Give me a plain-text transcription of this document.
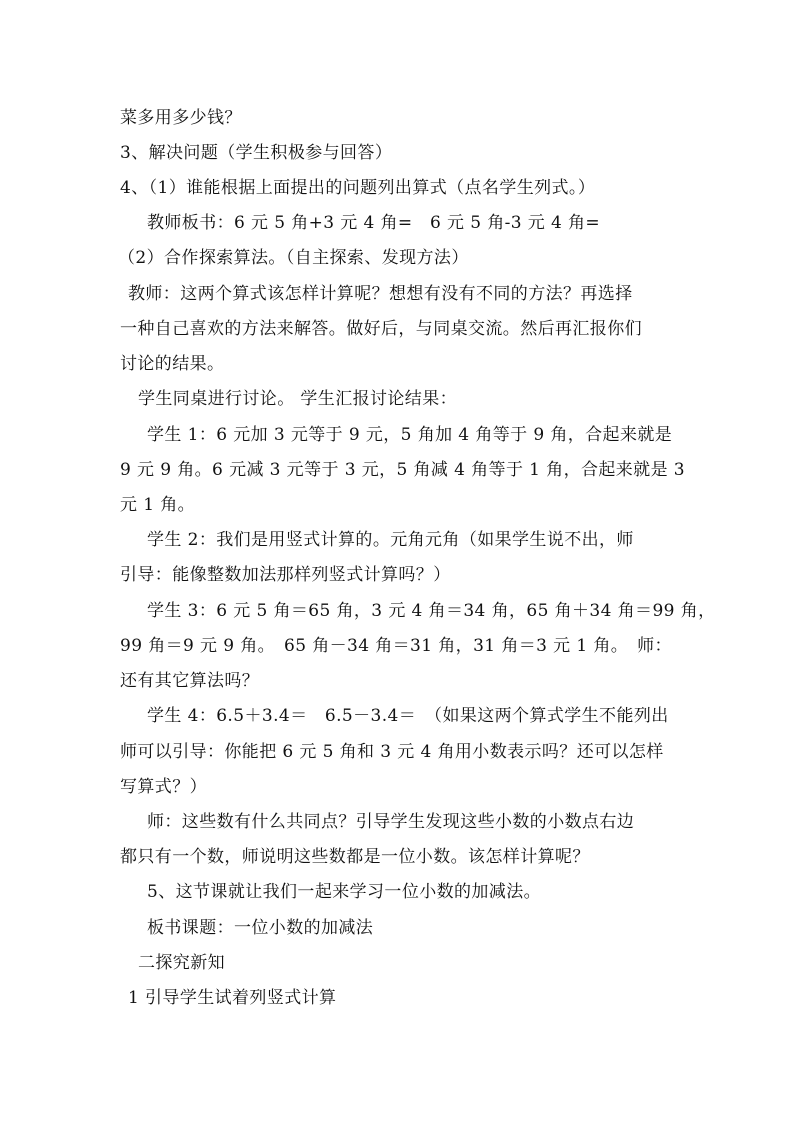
菜多用多少钱？
3、解决问题（学生积极参与回答）
4、（1）谁能根据上面提出的问题列出算式（点名学生列式。）
教师板书：6 元 5 角+3 元 4 角=　6 元 5 角-3 元 4 角=
（2）合作探索算法。（自主探索、发现方法）
教师：这两个算式该怎样计算呢？想想有没有不同的方法？再选择
一种自己喜欢的方法来解答。做好后，与同桌交流。然后再汇报你们
讨论的结果。
学生同桌进行讨论。 学生汇报讨论结果：
学生 1：6 元加 3 元等于 9 元，5 角加 4 角等于 9 角，合起来就是
9 元 9 角。6 元减 3 元等于 3 元，5 角减 4 角等于 1 角，合起来就是 3
元 1 角。
学生 2：我们是用竖式计算的。元角元角（如果学生说不出，师
引导：能像整数加法那样列竖式计算吗？）
学生 3：6 元 5 角＝65 角，3 元 4 角＝34 角，65 角＋34 角＝99 角，
99 角＝9 元 9 角。　65 角－34 角＝31 角，31 角＝3 元 1 角。　师：
还有其它算法吗？
学生 4：6.5＋3.4＝　6.5－3.4＝　（如果这两个算式学生不能列出
师可以引导：你能把 6 元 5 角和 3 元 4 角用小数表示吗？还可以怎样
写算式？）
师：这些数有什么共同点？引导学生发现这些小数的小数点右边
都只有一个数，师说明这些数都是一位小数。该怎样计算呢？
5、这节课就让我们一起来学习一位小数的加减法。
板书课题：一位小数的加减法
二探究新知
1 引导学生试着列竖式计算
